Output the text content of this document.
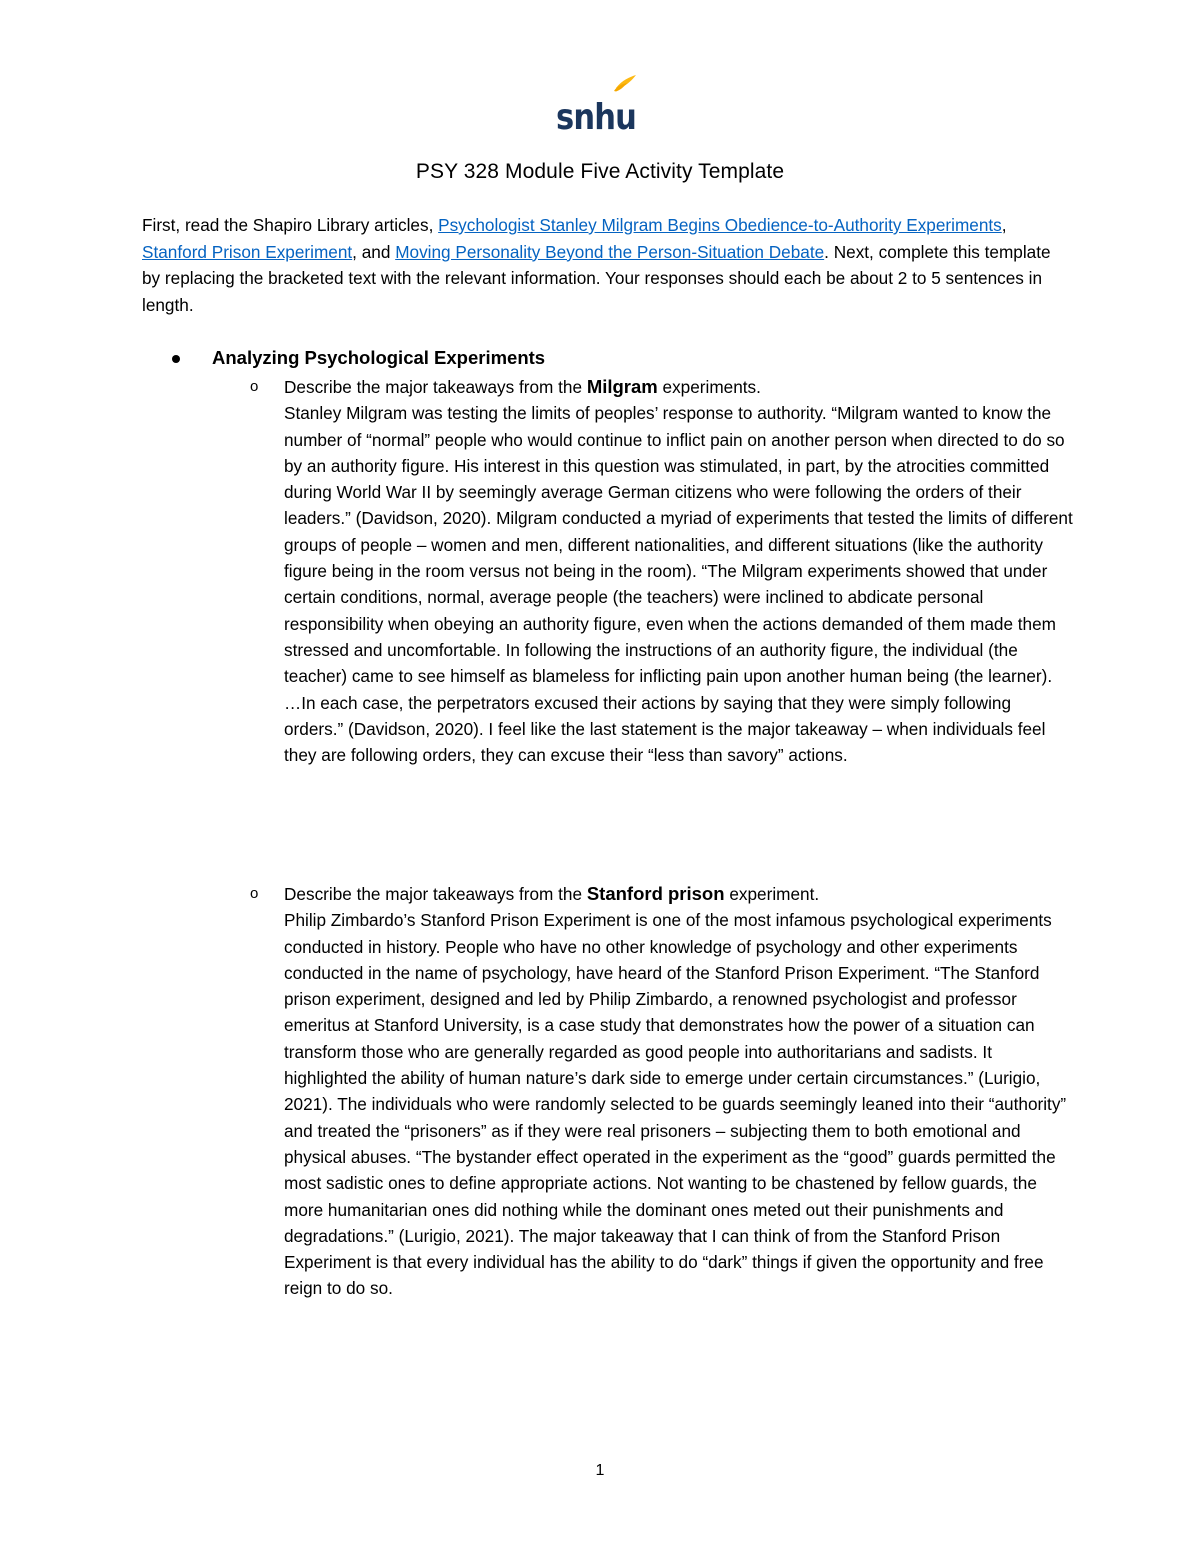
snhu
PSY 328 Module Five Activity Template
First, read the Shapiro Library articles, Psychologist Stanley Milgram Begins Obedience-to-Authority Experiments, Stanford Prison Experiment, and Moving Personality Beyond the Person-Situation Debate. Next, complete this template by replacing the bracketed text with the relevant information. Your responses should each be about 2 to 5 sentences in length.
Analyzing Psychological Experiments
o Describe the major takeaways from the Milgram experiments.
Stanley Milgram was testing the limits of peoples’ response to authority. “Milgram wanted to know the number of “normal” people who would continue to inflict pain on another person when directed to do so by an authority figure. His interest in this question was stimulated, in part, by the atrocities committed during World War II by seemingly average German citizens who were following the orders of their leaders.” (Davidson, 2020). Milgram conducted a myriad of experiments that tested the limits of different groups of people – women and men, different nationalities, and different situations (like the authority figure being in the room versus not being in the room). “The Milgram experiments showed that under certain conditions, normal, average people (the teachers) were inclined to abdicate personal responsibility when obeying an authority figure, even when the actions demanded of them made them stressed and uncomfortable. In following the instructions of an authority figure, the individual (the teacher) came to see himself as blameless for inflicting pain upon another human being (the learner). …In each case, the perpetrators excused their actions by saying that they were simply following orders.” (Davidson, 2020). I feel like the last statement is the major takeaway – when individuals feel they are following orders, they can excuse their “less than savory” actions.
o Describe the major takeaways from the Stanford prison experiment.
Philip Zimbardo’s Stanford Prison Experiment is one of the most infamous psychological experiments conducted in history. People who have no other knowledge of psychology and other experiments conducted in the name of psychology, have heard of the Stanford Prison Experiment. “The Stanford prison experiment, designed and led by Philip Zimbardo, a renowned psychologist and professor emeritus at Stanford University, is a case study that demonstrates how the power of a situation can transform those who are generally regarded as good people into authoritarians and sadists. It highlighted the ability of human nature’s dark side to emerge under certain circumstances.” (Lurigio, 2021). The individuals who were randomly selected to be guards seemingly leaned into their “authority” and treated the “prisoners” as if they were real prisoners – subjecting them to both emotional and physical abuses. “The bystander effect operated in the experiment as the “good” guards permitted the most sadistic ones to define appropriate actions. Not wanting to be chastened by fellow guards, the more humanitarian ones did nothing while the dominant ones meted out their punishments and degradations.” (Lurigio, 2021). The major takeaway that I can think of from the Stanford Prison Experiment is that every individual has the ability to do “dark” things if given the opportunity and free reign to do so.
1
